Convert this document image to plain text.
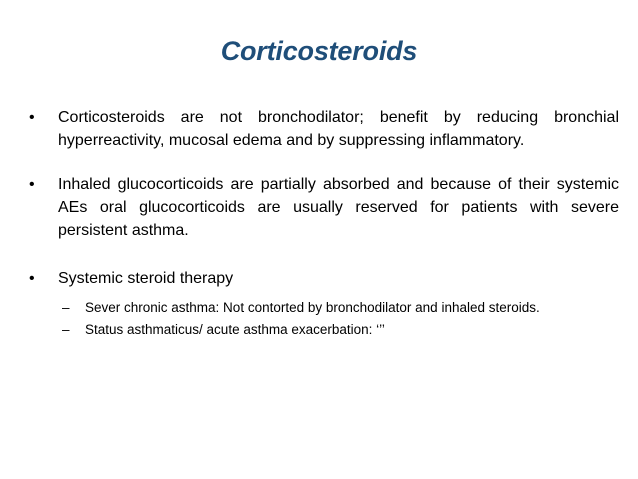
Corticosteroids
•	Corticosteroids are not bronchodilator; benefit by reducing bronchial hyperreactivity, mucosal edema and by suppressing inflammatory.
•	Inhaled glucocorticoids are partially absorbed and because of their systemic AEs oral glucocorticoids are usually reserved for patients with severe persistent asthma.
•	Systemic steroid therapy
– Sever chronic asthma: Not contorted by bronchodilator and inhaled steroids.
– Status asthmaticus/ acute asthma exacerbation: ‘’’
